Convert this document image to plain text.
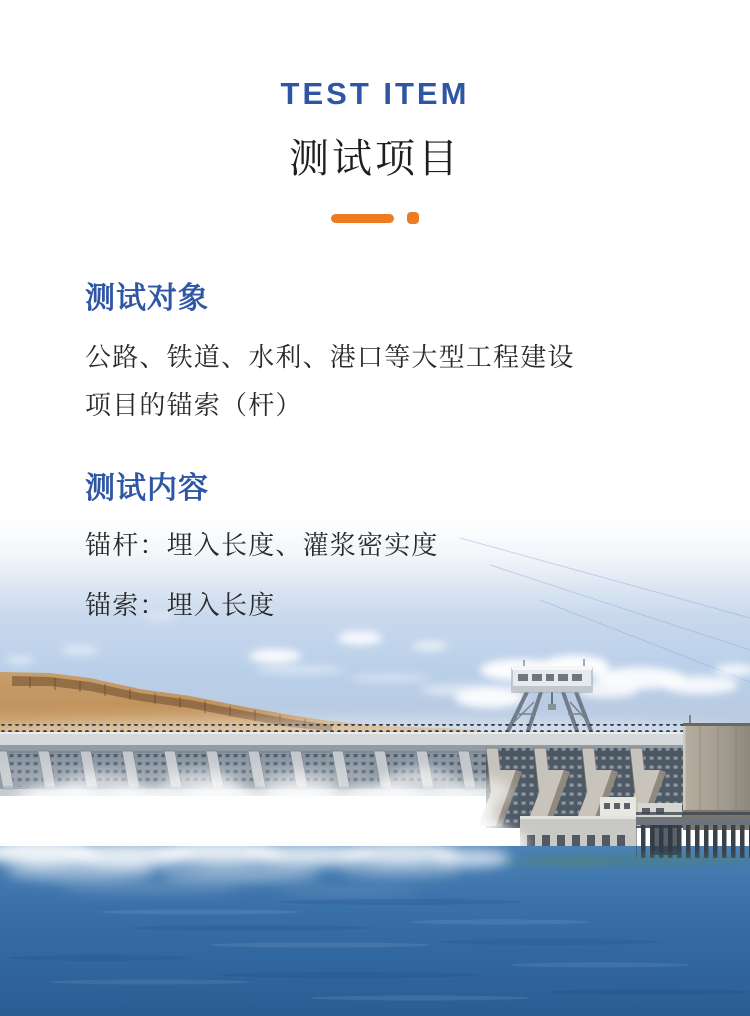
TEST ITEM
测试项目
测试对象

公路、铁道、水利、港口等大型工程建设

项目的锚索（杆）

测试内容

锚杆：埋入长度、灌浆密实度

锚索：埋入长度
